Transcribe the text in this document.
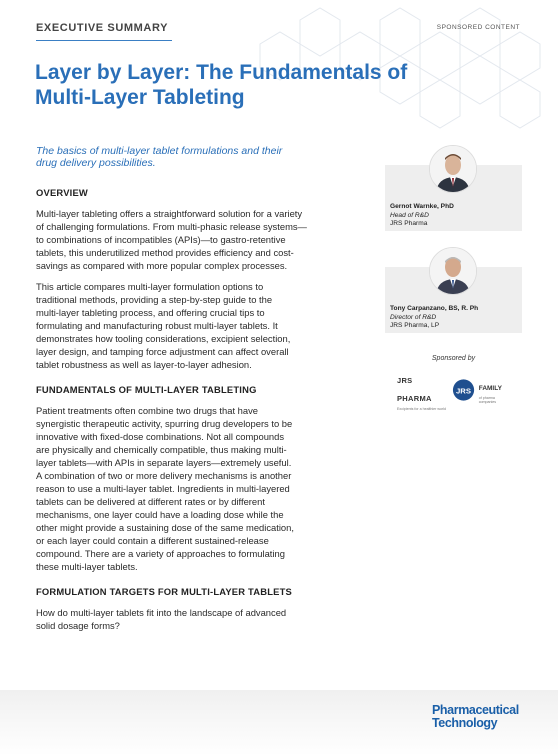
EXECUTIVE SUMMARY	SPONSORED CONTENT
Layer by Layer: The Fundamentals of
Multi-Layer Tableting
The basics of multi-layer tablet formulations and their
drug delivery possibilities.
OVERVIEW

Multi-layer tableting offers a straightforward solution for a variety
of challenging formulations. From multi-phasic release systems—
to combinations of incompatibles (APIs)—to gastro-retentive
tablets, this underutilized method provides efficiency and cost-
savings as compared with more popular complex processes.

This article compares multi-layer formulation options to
traditional methods, providing a step-by-step guide to the
multi-layer tableting process, and offering crucial tips to
formulating and manufacturing robust multi-layer tablets. It
demonstrates how tooling considerations, excipient selection,
layer design, and tamping force adjustment can affect overall
tablet robustness as well as layer-to-layer adhesion.

FUNDAMENTALS OF MULTI-LAYER TABLETING

Patient treatments often combine two drugs that have
synergistic therapeutic activity, spurring drug developers to be
innovative with fixed-dose combinations. Not all compounds
are physically and chemically compatible, thus making multi-
layer tablets—with APIs in separate layers—extremely useful.
A combination of two or more delivery mechanisms is another
reason to use a multi-layer tablet. Ingredients in multi-layered
tablets can be delivered at different rates or by different
mechanisms, one layer could have a loading dose while the
other might provide a sustaining dose of the same medication,
or each layer could contain a different sustained-release
compound. There are a variety of approaches to formulating
these multi-layer tablets.

FORMULATION TARGETS FOR MULTI-LAYER TABLETS

How do multi-layer tablets fit into the landscape of advanced
solid dosage forms?

Gernot Warnke, PhD
Head of R&D
JRS Pharma
Tony Carpanzano, BS, R. Ph
Director of R&D
JRS Pharma, LP
Sponsored by
JRS PHARMA
Excipients for a healthier world
JRS FAMILY
of pharma companies
Pharmaceutical
Technology
